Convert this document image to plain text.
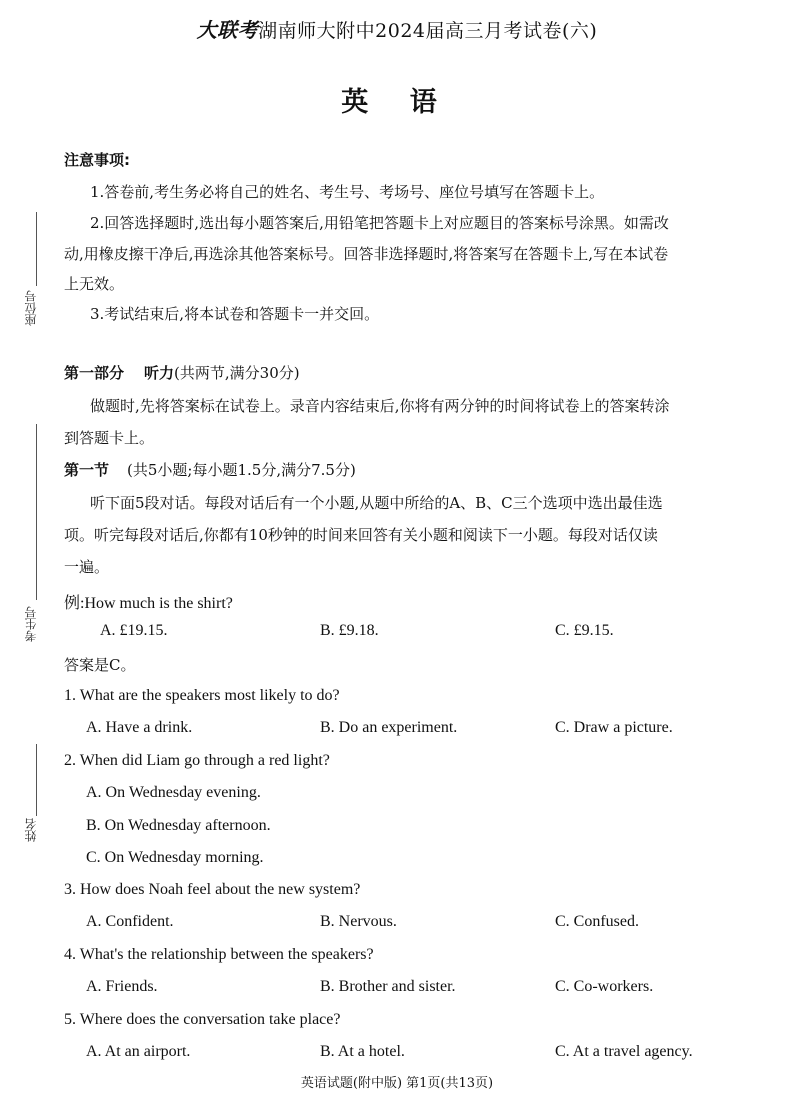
大联考湖南师大附中2024届高三月考试卷(六)
英 语
座位号
考生号
姓名
注意事项:
1.答卷前,考生务必将自己的姓名、考生号、考场号、座位号填写在答题卡上。
2.回答选择题时,选出每小题答案后,用铅笔把答题卡上对应题目的答案标号涂黑。如需改
动,用橡皮擦干净后,再选涂其他答案标号。回答非选择题时,将答案写在答题卡上,写在本试卷
上无效。
3.考试结束后,将本试卷和答题卡一并交回。
第一部分 听力(共两节,满分30分)
做题时,先将答案标在试卷上。录音内容结束后,你将有两分钟的时间将试卷上的答案转涂
到答题卡上。
第一节 (共5小题;每小题1.5分,满分7.5分)
听下面5段对话。每段对话后有一个小题,从题中所给的A、B、C三个选项中选出最佳选
项。听完每段对话后,你都有10秒钟的时间来回答有关小题和阅读下一小题。每段对话仅读
一遍。
例:How much is the shirt?
A. £19.15.	B. £9.18.	C. £9.15.
答案是C。
1. What are the speakers most likely to do?
A. Have a drink.	B. Do an experiment.	C. Draw a picture.
2. When did Liam go through a red light?
A. On Wednesday evening.
B. On Wednesday afternoon.
C. On Wednesday morning.
3. How does Noah feel about the new system?
A. Confident.	B. Nervous.	C. Confused.
4. What's the relationship between the speakers?
A. Friends.	B. Brother and sister.	C. Co-workers.
5. Where does the conversation take place?
A. At an airport.	B. At a hotel.	C. At a travel agency.
英语试题(附中版) 第1页(共13页)
